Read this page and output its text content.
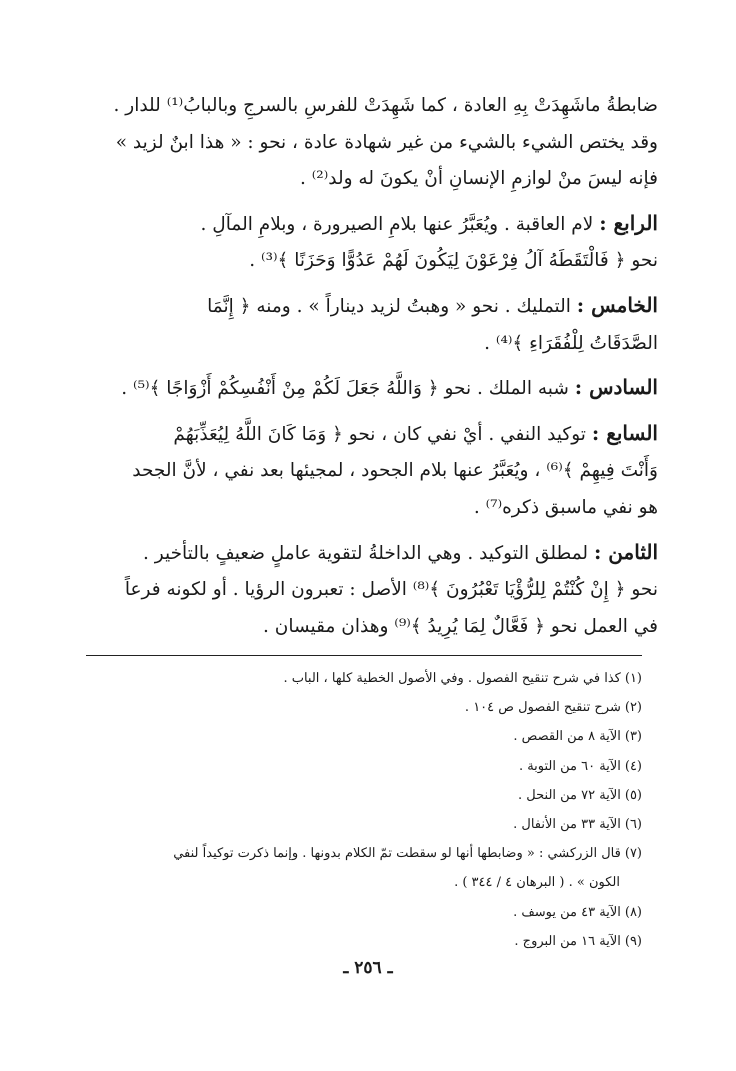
ضابطةُ ماشَهِدَتْ بِهِ العادة ، كما شَهِدَتْ للفرسِ بالسرجِ وبالبابُ⁽¹⁾ للدار .
وقد يختص الشيء بالشيء من غير شهادة عادة ، نحو : « هذا ابنٌ لزيد »
فإنه ليسَ منْ لوازمِ الإنسانِ أنْ يكونَ له ولد⁽²⁾ .

الرابع : لام العاقبة . ويُعَبَّرُ عنها بلامِ الصيرورة ، وبلامِ المآلِ .
نحو ﴿ فَالْتَقَطَهُ آلُ فِرْعَوْنَ لِيَكُونَ لَهُمْ عَدُوًّا وَحَزَنًا ﴾⁽³⁾ .

الخامس : التمليك . نحو « وهبتُ لزيد ديناراً » . ومنه ﴿ إِنَّمَا
الصَّدَقَاتُ لِلْفُقَرَاءِ ﴾⁽⁴⁾ .

السادس : شبه الملك . نحو ﴿ وَاللَّهُ جَعَلَ لَكُمْ مِنْ أَنْفُسِكُمْ أَزْوَاجًا ﴾⁽⁵⁾ .

السابع : توكيد النفي . أيْ نفي كان ، نحو ﴿ وَمَا كَانَ اللَّهُ لِيُعَذِّبَهُمْ
وَأَنْتَ فِيهِمْ ﴾⁽⁶⁾ ، ويُعَبَّرُ عنها بلام الجحود ، لمجيئها بعد نفي ، لأنَّ الجحد
هو نفي ماسبق ذكره⁽⁷⁾ .

الثامن : لمطلق التوكيد . وهي الداخلةُ لتقوية عاملٍ ضعيفٍ بالتأخير .
نحو ﴿ إِنْ كُنْتُمْ لِلرُّؤْيَا تَعْبُرُونَ ﴾⁽⁸⁾ الأصل : تعبرون الرؤيا . أو لكونه فرعاً
في العمل نحو ﴿ فَعَّالٌ لِمَا يُرِيدُ ﴾⁽⁹⁾ وهذان مقيسان .

(١)كذا في شرح تنقيح الفصول . وفي الأصول الخطية كلها ، الباب .

(٢)شرح تنقيح الفصول ص ١٠٤ .

(٣)الآية ٨ من القصص .

(٤)الآية ٦٠ من التوبة .

(٥)الآية ٧٢ من النحل .

(٦)الآية ٣٣ من الأنفال .

(٧)قال الزركشي : « وضابطها أنها لو سقطت تمّ الكلام بدونها . وإنما ذكرت توكيداً لنفي

الكون » . ( البرهان ٤ / ٣٤٤ ) .

(٨)الآية ٤٣ من يوسف .

(٩)الآية ١٦ من البروج .

ـ ٢٥٦ ـ
